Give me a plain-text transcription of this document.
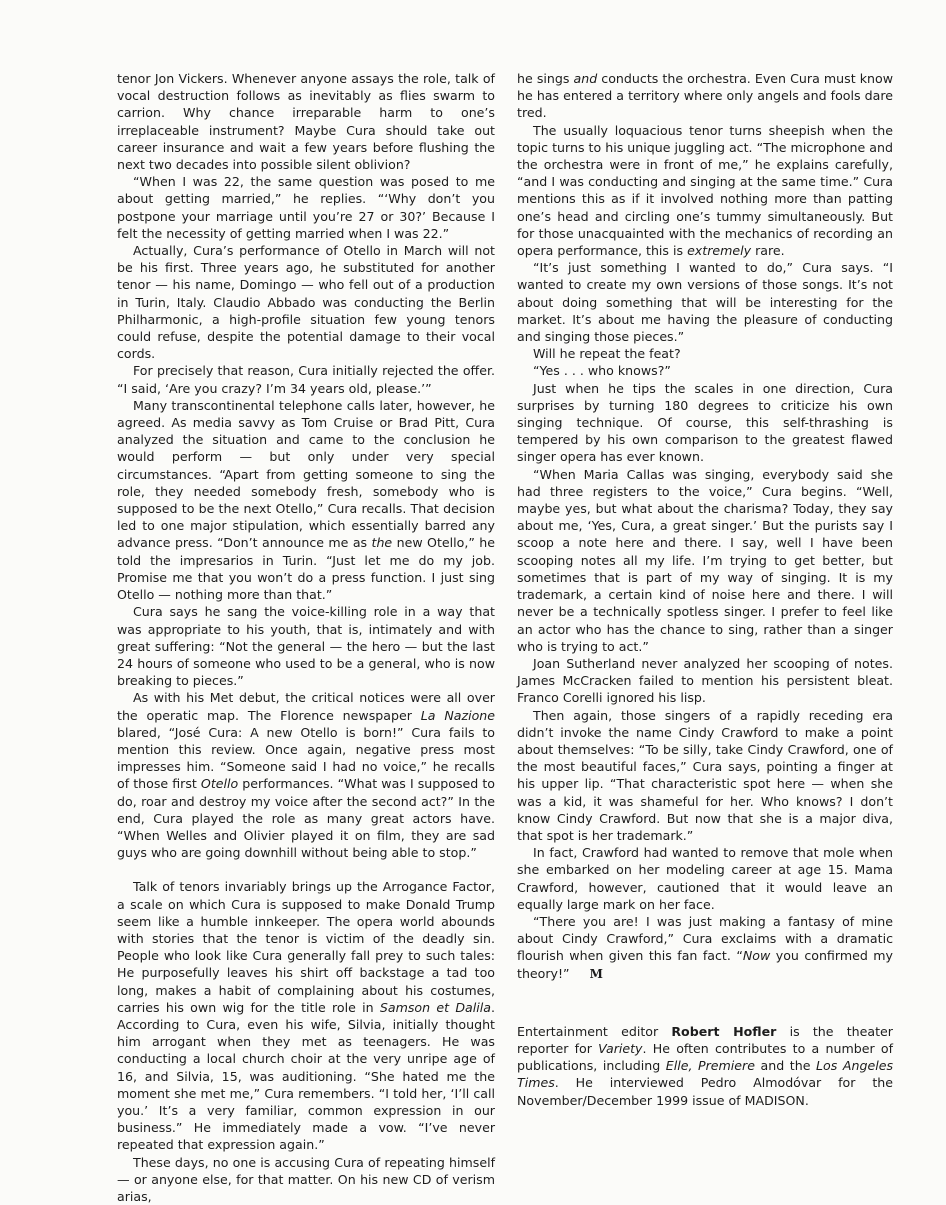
tenor Jon Vickers. Whenever anyone assays the role, talk of vocal destruction follows as inevitably as flies swarm to carrion. Why chance irreparable harm to one’s irreplaceable instrument? Maybe Cura should take out career insurance and wait a few years before flushing the next two decades into possible silent oblivion?

“When I was 22, the same question was posed to me about getting married,” he replies. “‘Why don’t you postpone your marriage until you’re 27 or 30?’ Because I felt the necessity of getting married when I was 22.”

Actually, Cura’s performance of Otello in March will not be his first. Three years ago, he substituted for another tenor — his name, Domingo — who fell out of a production in Turin, Italy. Claudio Abbado was conducting the Berlin Philharmonic, a high-profile situation few young tenors could refuse, despite the potential damage to their vocal cords.

For precisely that reason, Cura initially rejected the offer. “I said, ‘Are you crazy? I’m 34 years old, please.’”

Many transcontinental telephone calls later, however, he agreed. As media savvy as Tom Cruise or Brad Pitt, Cura analyzed the situation and came to the conclusion he would perform — but only under very special circumstances. “Apart from getting someone to sing the role, they needed somebody fresh, somebody who is supposed to be the next Otello,” Cura recalls. That decision led to one major stipulation, which essentially barred any advance press. “Don’t announce me as the new Otello,” he told the impresarios in Turin. “Just let me do my job. Promise me that you won’t do a press function. I just sing Otello — nothing more than that.”

Cura says he sang the voice-killing role in a way that was appropriate to his youth, that is, intimately and with great suffering: “Not the general — the hero — but the last 24 hours of someone who used to be a general, who is now breaking to pieces.”

As with his Met debut, the critical notices were all over the operatic map. The Florence newspaper La Nazione blared, “José Cura: A new Otello is born!” Cura fails to mention this review. Once again, negative press most impresses him. “Someone said I had no voice,” he recalls of those first Otello performances. “What was I supposed to do, roar and destroy my voice after the second act?” In the end, Cura played the role as many great actors have. “When Welles and Olivier played it on film, they are sad guys who are going downhill without being able to stop.”

Talk of tenors invariably brings up the Arrogance Factor, a scale on which Cura is supposed to make Donald Trump seem like a humble innkeeper. The opera world abounds with stories that the tenor is victim of the deadly sin. People who look like Cura generally fall prey to such tales: He purposefully leaves his shirt off backstage a tad too long, makes a habit of complaining about his costumes, carries his own wig for the title role in Samson et Dalila. According to Cura, even his wife, Silvia, initially thought him arrogant when they met as teenagers. He was conducting a local church choir at the very unripe age of 16, and Silvia, 15, was auditioning. “She hated me the moment she met me,” Cura remembers. “I told her, ‘I’ll call you.’ It’s a very familiar, common expression in our business.” He immediately made a vow. “I’ve never repeated that expression again.”

These days, no one is accusing Cura of repeating himself — or anyone else, for that matter. On his new CD of verism arias,

he sings and conducts the orchestra. Even Cura must know he has entered a territory where only angels and fools dare tred.

The usually loquacious tenor turns sheepish when the topic turns to his unique juggling act. “The microphone and the orchestra were in front of me,” he explains carefully, “and I was conducting and singing at the same time.” Cura mentions this as if it involved nothing more than patting one’s head and circling one’s tummy simultaneously. But for those unacquainted with the mechanics of recording an opera performance, this is extremely rare.

“It’s just something I wanted to do,” Cura says. “I wanted to create my own versions of those songs. It’s not about doing something that will be interesting for the market. It’s about me having the pleasure of conducting and singing those pieces.”

Will he repeat the feat?

“Yes . . . who knows?”

Just when he tips the scales in one direction, Cura surprises by turning 180 degrees to criticize his own singing technique. Of course, this self-thrashing is tempered by his own comparison to the greatest flawed singer opera has ever known.

“When Maria Callas was singing, everybody said she had three registers to the voice,” Cura begins. “Well, maybe yes, but what about the charisma? Today, they say about me, ‘Yes, Cura, a great singer.’ But the purists say I scoop a note here and there. I say, well I have been scooping notes all my life. I’m trying to get better, but sometimes that is part of my way of singing. It is my trademark, a certain kind of noise here and there. I will never be a technically spotless singer. I prefer to feel like an actor who has the chance to sing, rather than a singer who is trying to act.”

Joan Sutherland never analyzed her scooping of notes. James McCracken failed to mention his persistent bleat. Franco Corelli ignored his lisp.

Then again, those singers of a rapidly receding era didn’t invoke the name Cindy Crawford to make a point about themselves: “To be silly, take Cindy Crawford, one of the most beautiful faces,” Cura says, pointing a finger at his upper lip. “That characteristic spot here — when she was a kid, it was shameful for her. Who knows? I don’t know Cindy Crawford. But now that she is a major diva, that spot is her trademark.”

In fact, Crawford had wanted to remove that mole when she embarked on her modeling career at age 15. Mama Crawford, however, cautioned that it would leave an equally large mark on her face.

“There you are! I was just making a fantasy of mine about Cindy Crawford,” Cura exclaims with a dramatic flourish when given this fan fact. “Now you confirmed my theory!” M

Entertainment editor Robert Hofler is the theater reporter for Variety. He often contributes to a number of publications, including Elle, Premiere and the Los Angeles Times. He interviewed Pedro Almodóvar for the November/December 1999 issue of MADISON.
